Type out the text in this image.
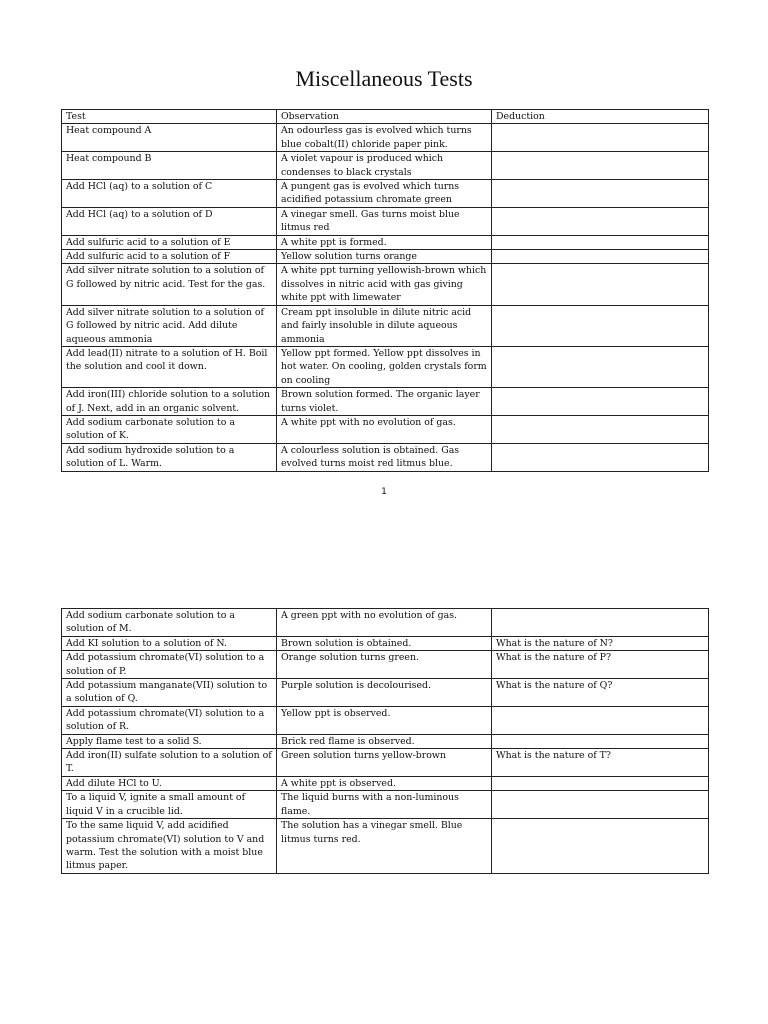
Miscellaneous Tests
Test	Observation	Deduction
Heat compound A	An odourless gas is evolved which turns blue cobalt(II) chloride paper pink.	
Heat compound B	A violet vapour is produced which condenses to black crystals	
Add HCl (aq) to a solution of C	A pungent gas is evolved which turns acidified potassium chromate green	
Add HCl (aq) to a solution of D	A vinegar smell. Gas turns moist blue litmus red	
Add sulfuric acid to a solution of E	A white ppt is formed.	
Add sulfuric acid to a solution of F	Yellow solution turns orange	
Add silver nitrate solution to a solution of G followed by nitric acid. Test for the gas.	A white ppt turning yellowish-brown which dissolves in nitric acid with gas giving white ppt with limewater	
Add silver nitrate solution to a solution of G followed by nitric acid. Add dilute aqueous ammonia	Cream ppt insoluble in dilute nitric acid and fairly insoluble in dilute aqueous ammonia	
Add lead(II) nitrate to a solution of H. Boil the solution and cool it down.	Yellow ppt formed. Yellow ppt dissolves in hot water. On cooling, golden crystals form on cooling	
Add iron(III) chloride solution to a solution of J. Next, add in an organic solvent.	Brown solution formed. The organic layer turns violet.	
Add sodium carbonate solution to a solution of K.	A white ppt with no evolution of gas.	
Add sodium hydroxide solution to a solution of L. Warm.	A colourless solution is obtained. Gas evolved turns moist red litmus blue.	
1
Add sodium carbonate solution to a solution of M.	A green ppt with no evolution of gas.	
Add KI solution to a solution of N.	Brown solution is obtained.	What is the nature of N?
Add potassium chromate(VI) solution to a solution of P.	Orange solution turns green.	What is the nature of P?
Add potassium manganate(VII) solution to a solution of Q.	Purple solution is decolourised.	What is the nature of Q?
Add potassium chromate(VI) solution to a solution of R.	Yellow ppt is observed.	
Apply flame test to a solid S.	Brick red flame is observed.	
Add iron(II) sulfate solution to a solution of T.	Green solution turns yellow-brown	What is the nature of T?
Add dilute HCl to U.	A white ppt is observed.	
To a liquid V, ignite a small amount of liquid V in a crucible lid.	The liquid burns with a non-luminous flame.	
To the same liquid V, add acidified potassium chromate(VI) solution to V and warm. Test the solution with a moist blue litmus paper.	The solution has a vinegar smell. Blue litmus turns red.	
